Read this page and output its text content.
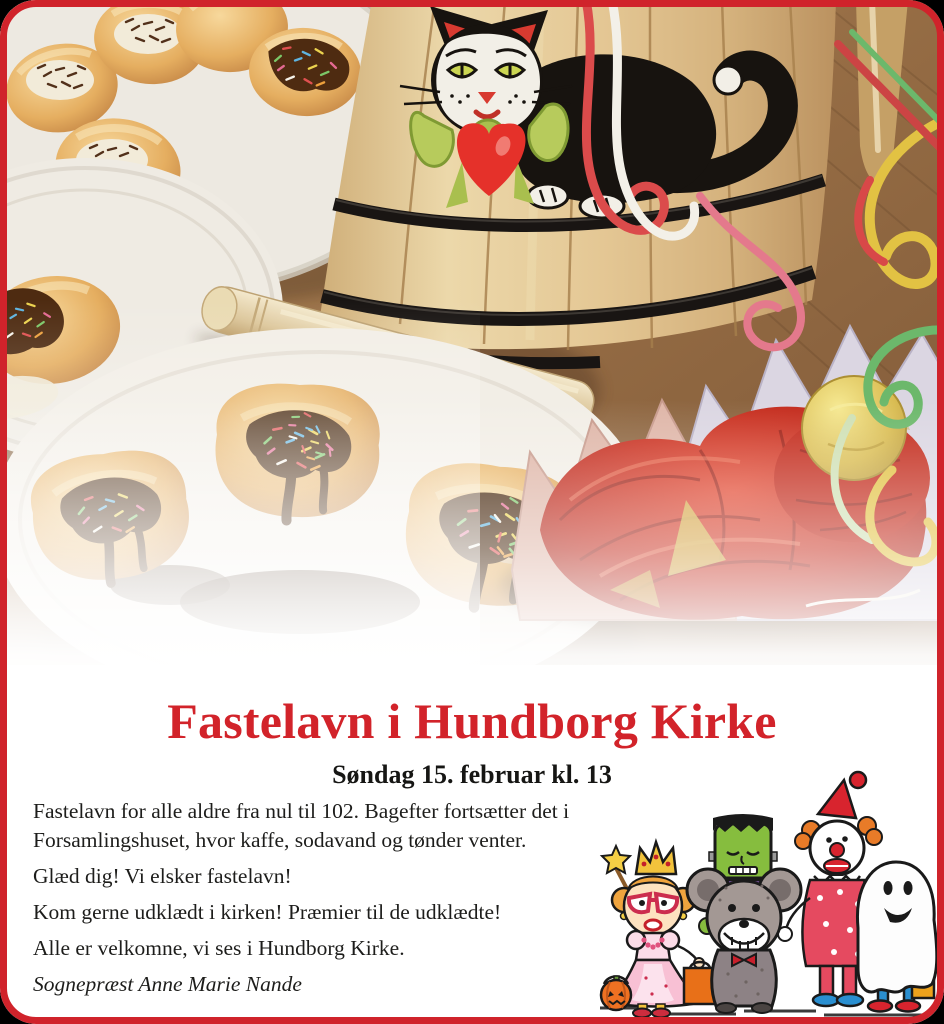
Fastelavn i Hundborg Kirke
Søndag 15. februar kl. 13

Fastelavn for alle aldre fra nul til 102. Bagefter fortsætter det i Forsamlingshuset, hvor kaffe, sodavand og tønder venter.

Glæd dig! Vi elsker fastelavn!

Kom gerne udklædt i kirken! Præmier til de udklædte!

Alle er velkomne, vi ses i Hundborg Kirke.

Sognepræst Anne Marie Nande
